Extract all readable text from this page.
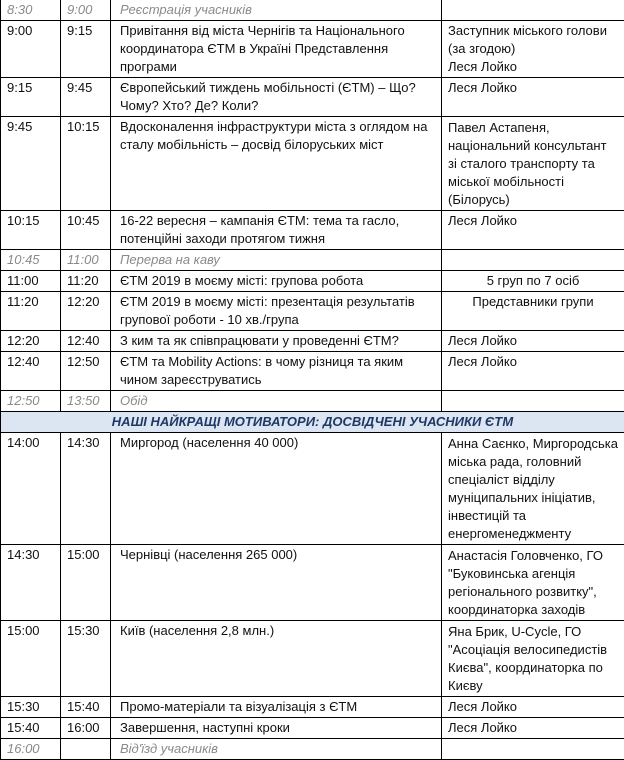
8:30	9:00	Реєстрація учасників	
9:00	9:15	Привітання від міста Чернігів та Національного координатора ЄТМ в Україні Представлення програми	Заступник міського голови (за згодою)
Леся Лойко
9:15	9:45	Європейський тиждень мобільності (ЄТМ) – Що? Чому? Хто? Де? Коли?	Леся Лойко
9:45	10:15	Вдосконалення інфраструктури міста з оглядом на сталу мобільність – досвід білоруських міст	Павел Астапеня, національний консультант зі сталого транспорту та міської мобільності (Білорусь)
10:15	10:45	16-22 вересня – кампанія ЄТМ: тема та гасло, потенційні заходи протягом тижня	Леся Лойко
10:45	11:00	Перерва на каву	
11:00	11:20	ЄТМ 2019 в моєму місті: групова робота	5 груп по 7 осіб
11:20	12:20	ЄТМ 2019 в моєму місті: презентація результатів групової роботи - 10 хв./група	Представники групи
12:20	12:40	З ким та як співпрацювати у проведенні ЄТМ?	Леся Лойко
12:40	12:50	ЄТМ та Mobility Actions: в чому різниця та яким чином зареєструватись	Леся Лойко
12:50	13:50	Обід	
НАШІ НАЙКРАЩІ МОТИВАТОРИ: ДОСВІДЧЕНІ УЧАСНИКИ ЄТМ			
14:00	14:30	Миргород (населення 40 000)	Анна Саєнко, Миргородська міська рада, головний спеціаліст відділу муніципальних ініціатив, інвестицій та енергоменеджменту
14:30	15:00	Чернівці (населення 265 000)	Анастасія Головченко, ГО "Буковинська агенція регіонального розвитку", координаторка заходів
15:00	15:30	Київ (населення 2,8 млн.)	Яна Брик, U-Cycle, ГО "Асоціація велосипедистів Києва", координаторка по Києву
15:30	15:40	Промо-матеріали та візуалізація з ЄТМ	Леся Лойко
15:40	16:00	Завершення, наступні кроки	Леся Лойко
16:00		Від'їзд учасників	
